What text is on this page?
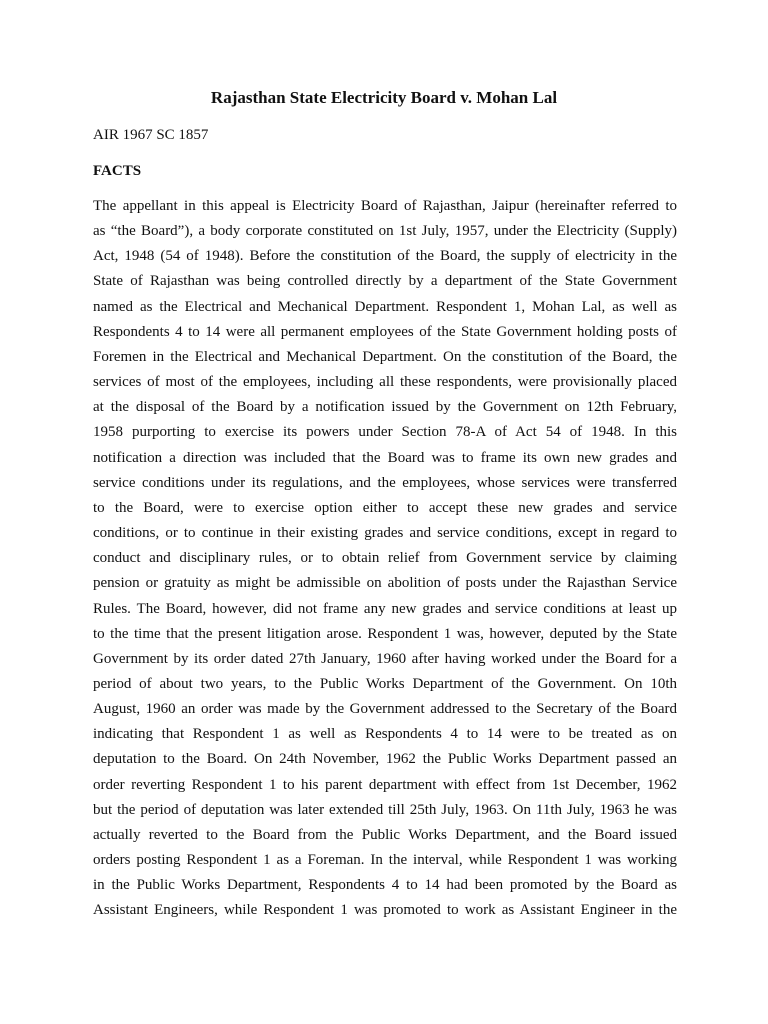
Rajasthan State Electricity Board v. Mohan Lal

AIR 1967 SC 1857

FACTS
The appellant in this appeal is Electricity Board of Rajasthan, Jaipur (hereinafter referred to
as “the Board”), a body corporate constituted on 1st July, 1957, under the Electricity (Supply)
Act, 1948 (54 of 1948). Before the constitution of the Board, the supply of electricity in the
State of Rajasthan was being controlled directly by a department of the State Government
named as the Electrical and Mechanical Department. Respondent 1, Mohan Lal, as well as
Respondents 4 to 14 were all permanent employees of the State Government holding posts of
Foremen in the Electrical and Mechanical Department. On the constitution of the Board, the
services of most of the employees, including all these respondents, were provisionally placed
at the disposal of the Board by a notification issued by the Government on 12th February,
1958 purporting to exercise its powers under Section 78-A of Act 54 of 1948. In this
notification a direction was included that the Board was to frame its own new grades and
service conditions under its regulations, and the employees, whose services were transferred
to the Board, were to exercise option either to accept these new grades and service
conditions, or to continue in their existing grades and service conditions, except in regard to
conduct and disciplinary rules, or to obtain relief from Government service by claiming
pension or gratuity as might be admissible on abolition of posts under the Rajasthan Service
Rules. The Board, however, did not frame any new grades and service conditions at least up
to the time that the present litigation arose. Respondent 1 was, however, deputed by the State
Government by its order dated 27th January, 1960 after having worked under the Board for a
period of about two years, to the Public Works Department of the Government. On 10th
August, 1960 an order was made by the Government addressed to the Secretary of the Board
indicating that Respondent 1 as well as Respondents 4 to 14 were to be treated as on
deputation to the Board. On 24th November, 1962 the Public Works Department passed an
order reverting Respondent 1 to his parent department with effect from 1st December, 1962
but the period of deputation was later extended till 25th July, 1963. On 11th July, 1963 he was
actually reverted to the Board from the Public Works Department, and the Board issued
orders posting Respondent 1 as a Foreman. In the interval, while Respondent 1 was working
in the Public Works Department, Respondents 4 to 14 had been promoted by the Board as
Assistant Engineers, while Respondent 1 was promoted to work as Assistant Engineer in the
